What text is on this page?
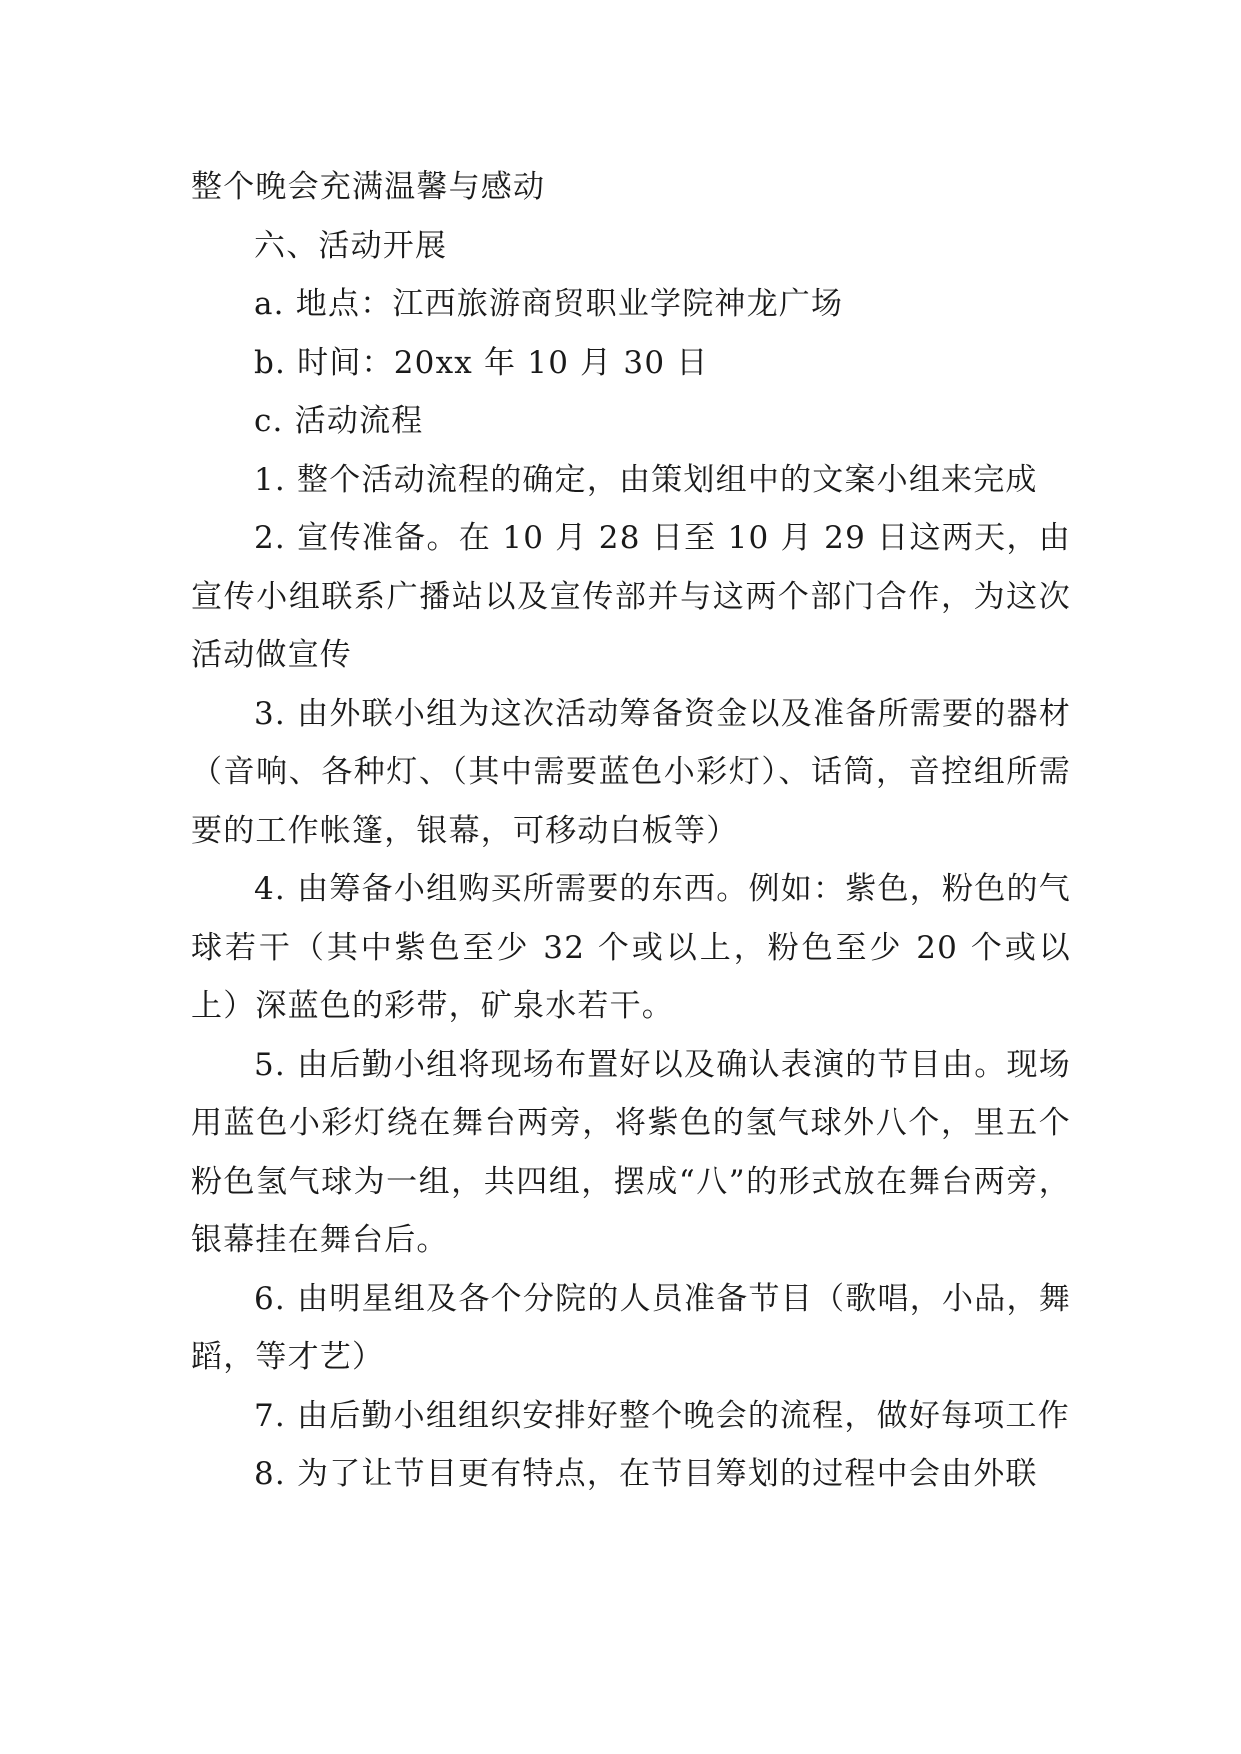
整个晚会充满温馨与感动

六、活动开展

a. 地点：江西旅游商贸职业学院神龙广场

b. 时间：20xx 年 10 月 30 日

c. 活动流程

1. 整个活动流程的确定，由策划组中的文案小组来完成

2. 宣传准备。在 10 月 28 日至 10 月 29 日这两天，由宣传小组联系广播站以及宣传部并与这两个部门合作，为这次活动做宣传

3. 由外联小组为这次活动筹备资金以及准备所需要的器材（音响、各种灯、（其中需要蓝色小彩灯）、话筒，音控组所需要的工作帐篷，银幕，可移动白板等）

4. 由筹备小组购买所需要的东西。例如：紫色，粉色的气球若干（其中紫色至少 32 个或以上，粉色至少 20 个或以上）深蓝色的彩带，矿泉水若干。

5. 由后勤小组将现场布置好以及确认表演的节目由。现场用蓝色小彩灯绕在舞台两旁，将紫色的氢气球外八个，里五个粉色氢气球为一组，共四组，摆成“八”的形式放在舞台两旁，银幕挂在舞台后。

6. 由明星组及各个分院的人员准备节目（歌唱，小品，舞蹈，等才艺）

7. 由后勤小组组织安排好整个晚会的流程，做好每项工作

8. 为了让节目更有特点，在节目筹划的过程中会由外联
